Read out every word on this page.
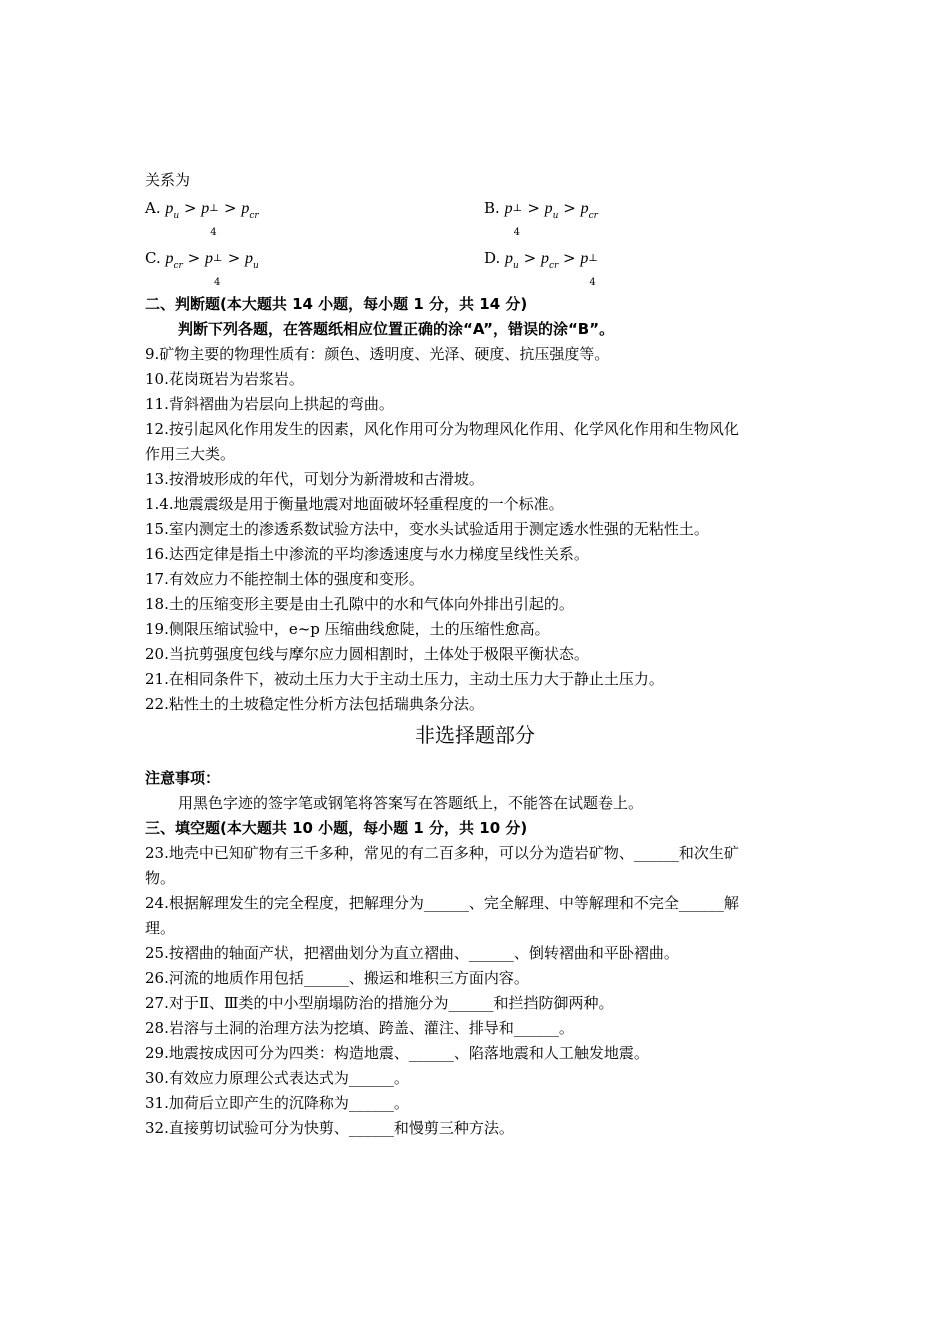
关系为
A. $p_u > p$ ⊥
4
> $p_{cr}$	B. p ⊥
4
> $p_u > p_{cr}$
C. $p_{cr} > p$ ⊥
4
> $p_u$	D. $p_u > p_{cr} > p$ ⊥
4
二、判断题(本大题共 14 小题，每小题 1 分，共 14 分)
判断下列各题，在答题纸相应位置正确的涂“A”，错误的涂“B”。
9.矿物主要的物理性质有：颜色、透明度、光泽、硬度、抗压强度等。
10.花岗斑岩为岩浆岩。
11.背斜褶曲为岩层向上拱起的弯曲。
12.按引起风化作用发生的因素，风化作用可分为物理风化作用、化学风化作用和生物风化
作用三大类。
13.按滑坡形成的年代，可划分为新滑坡和古滑坡。
1.4.地震震级是用于衡量地震对地面破坏轻重程度的一个标准。
15.室内测定土的渗透系数试验方法中，变水头试验适用于测定透水性强的无粘性土。
16.达西定律是指土中渗流的平均渗透速度与水力梯度呈线性关系。
17.有效应力不能控制土体的强度和变形。
18.土的压缩变形主要是由土孔隙中的水和气体向外排出引起的。
19.侧限压缩试验中，e~p 压缩曲线愈陡，土的压缩性愈高。
20.当抗剪强度包线与摩尔应力圆相割时，土体处于极限平衡状态。
21.在相同条件下，被动土压力大于主动土压力，主动土压力大于静止土压力。
22.粘性土的土坡稳定性分析方法包括瑞典条分法。
非选择题部分
注意事项：
用黑色字迹的签字笔或钢笔将答案写在答题纸上，不能答在试题卷上。
三、填空题(本大题共 10 小题，每小题 1 分，共 10 分)
23.地壳中已知矿物有三千多种，常见的有二百多种，可以分为造岩矿物、______和次生矿
物。
24.根据解理发生的完全程度，把解理分为______、完全解理、中等解理和不完全______解
理。
25.按褶曲的轴面产状，把褶曲划分为直立褶曲、______、倒转褶曲和平卧褶曲。
26.河流的地质作用包括______、搬运和堆积三方面内容。
27.对于Ⅱ、Ⅲ类的中小型崩塌防治的措施分为______和拦挡防御两种。
28.岩溶与土洞的治理方法为挖填、跨盖、灌注、排导和______。
29.地震按成因可分为四类：构造地震、______、陷落地震和人工触发地震。
30.有效应力原理公式表达式为______。
31.加荷后立即产生的沉降称为______。
32.直接剪切试验可分为快剪、______和慢剪三种方法。
